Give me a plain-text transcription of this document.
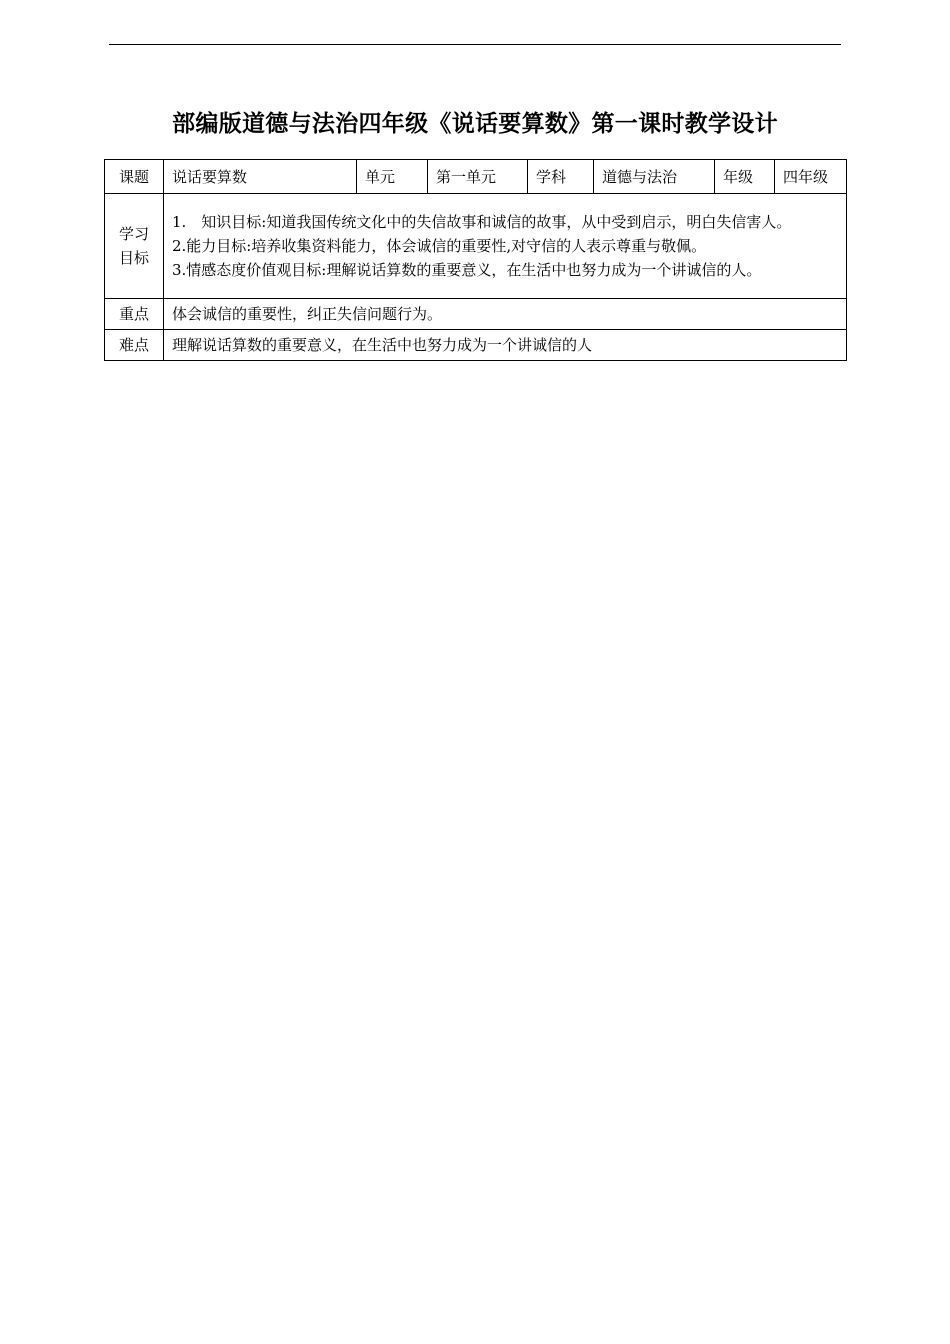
部编版道德与法治四年级《说话要算数》第一课时教学设计
课题	说话要算数	单元	第一单元	学科	道德与法治	年级	四年级
学习
目标	1.　知识目标:知道我国传统文化中的失信故事和诚信的故事，从中受到启示，明白失信害人。
2.能力目标:培养收集资料能力，体会诚信的重要性,对守信的人表示尊重与敬佩。
3.情感态度价值观目标:理解说话算数的重要意义，在生活中也努力成为一个讲诚信的人。						

重点	体会诚信的重要性，纠正失信问题行为。						
难点	理解说话算数的重要意义，在生活中也努力成为一个讲诚信的人						
